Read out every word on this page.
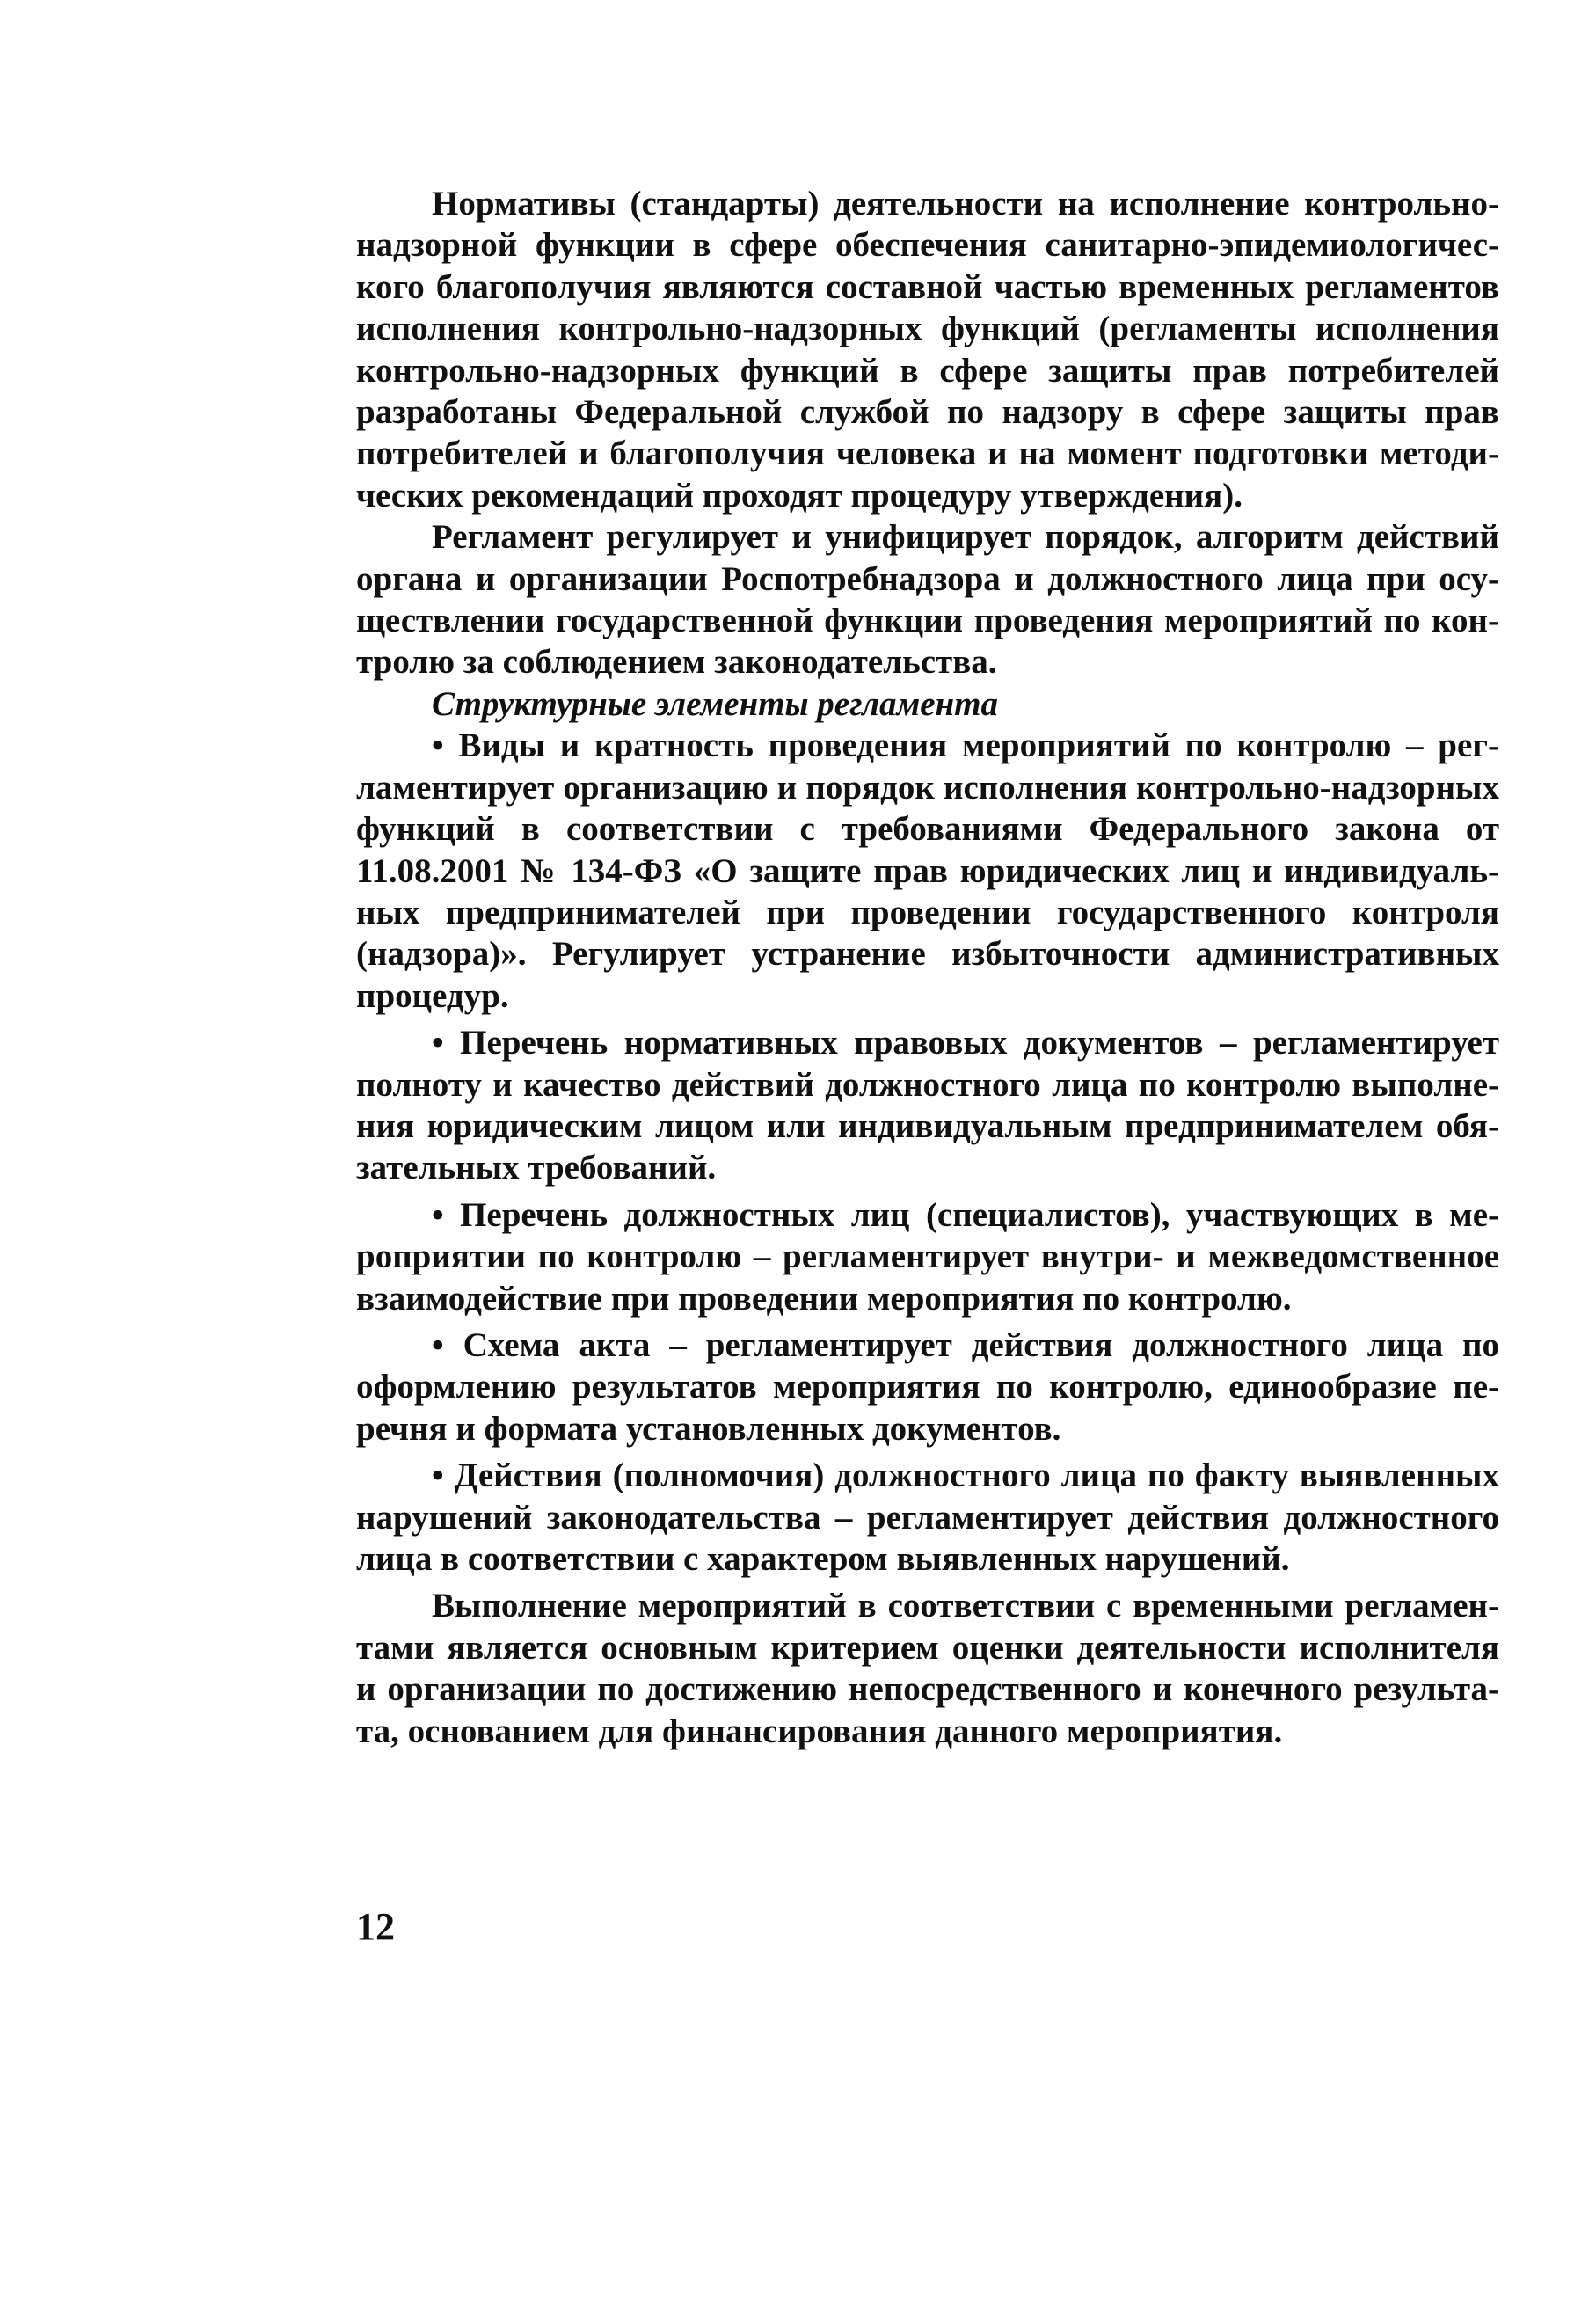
Нормативы (стандарты) деятельности на исполнение контрольно-надзорной функции в сфере обеспечения санитарно-эпидемиологичес-кого благополучия являются составной частью временных регламентов исполнения контрольно-надзорных функций (регламенты исполнения контрольно-надзорных функций в сфере защиты прав потребителей разработаны Федеральной службой по надзору в сфере защиты прав потребителей и благополучия человека и на момент подготовки методи-ческих рекомендаций проходят процедуру утверждения).

Регламент регулирует и унифицирует порядок, алгоритм действий органа и организации Роспотребнадзора и должностного лица при осу-ществлении государственной функции проведения мероприятий по кон-тролю за соблюдением законодательства.

Структурные элементы регламента

• Виды и кратность проведения мероприятий по контролю – рег-ламентирует организацию и порядок исполнения контрольно-надзорных функций в соответствии с требованиями Федерального закона от 11.08.2001 № 134-ФЗ «О защите прав юридических лиц и индивидуаль-ных предпринимателей при проведении государственного контроля (надзора)». Регулирует устранение избыточности административных процедур.

• Перечень нормативных правовых документов – регламентирует полноту и качество действий должностного лица по контролю выполне-ния юридическим лицом или индивидуальным предпринимателем обя-зательных требований.

• Перечень должностных лиц (специалистов), участвующих в ме-роприятии по контролю – регламентирует внутри- и межведомственное взаимодействие при проведении мероприятия по контролю.

• Схема акта – регламентирует действия должностного лица по оформлению результатов мероприятия по контролю, единообразие пе-речня и формата установленных документов.

• Действия (полномочия) должностного лица по факту выявленных нарушений законодательства – регламентирует действия должностного лица в соответствии с характером выявленных нарушений.

Выполнение мероприятий в соответствии с временными регламен-тами является основным критерием оценки деятельности исполнителя и организации по достижению непосредственного и конечного результа-та, основанием для финансирования данного мероприятия.

12
